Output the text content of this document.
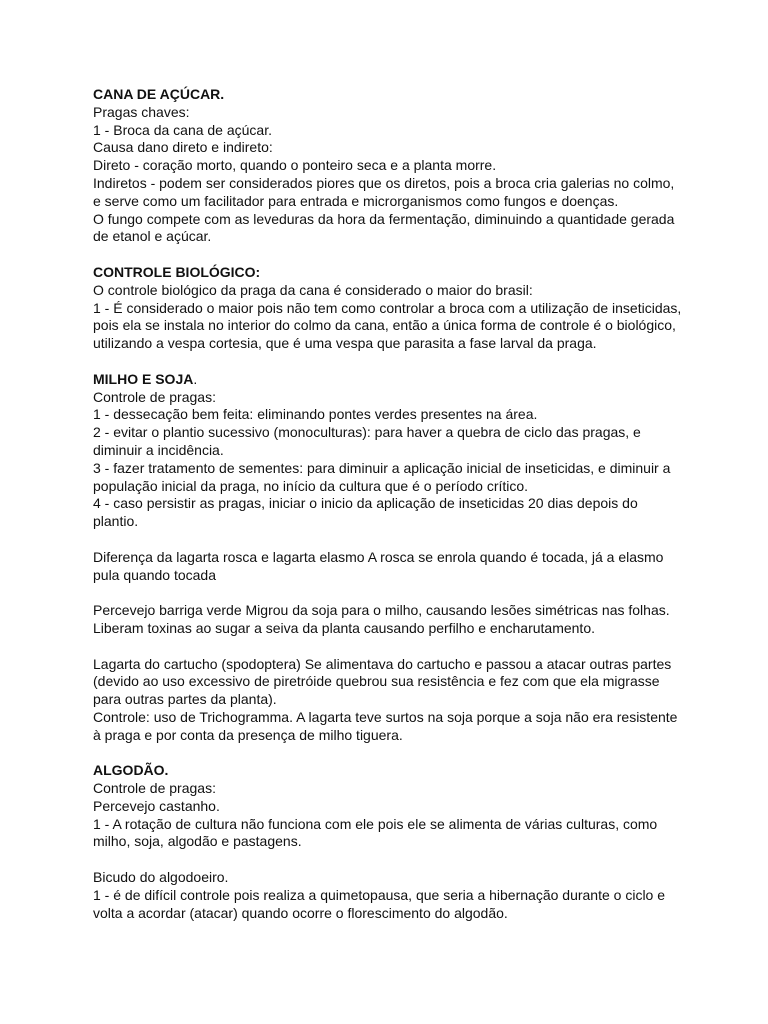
CANA DE AÇÚCAR.

Pragas chaves:

1 - Broca da cana de açúcar.

Causa dano direto e indireto:

Direto - coração morto, quando o ponteiro seca e a planta morre.

Indiretos - podem ser considerados piores que os diretos, pois a broca cria galerias no colmo, e serve como um facilitador para entrada e microrganismos como fungos e doenças.

O fungo compete com as leveduras da hora da fermentação, diminuindo a quantidade gerada de etanol e açúcar.

CONTROLE BIOLÓGICO:

O controle biológico da praga da cana é considerado o maior do brasil:

1 - É considerado o maior pois não tem como controlar a broca com a utilização de inseticidas, pois ela se instala no interior do colmo da cana, então a única forma de controle é o biológico, utilizando a vespa cortesia, que é uma vespa que parasita a fase larval da praga.

MILHO E SOJA.

Controle de pragas:

1 - dessecação bem feita: eliminando pontes verdes presentes na área.

2 - evitar o plantio sucessivo (monoculturas): para haver a quebra de ciclo das pragas, e diminuir a incidência.

3 - fazer tratamento de sementes: para diminuir a aplicação inicial de inseticidas, e diminuir a população inicial da praga, no início da cultura que é o período crítico.

4 - caso persistir as pragas, iniciar o inicio da aplicação de inseticidas 20 dias depois do plantio.

Diferença da lagarta rosca e lagarta elasmo A rosca se enrola quando é tocada, já a elasmo pula quando tocada

Percevejo barriga verde Migrou da soja para o milho, causando lesões simétricas nas folhas. Liberam toxinas ao sugar a seiva da planta causando perfilho e encharutamento.

Lagarta do cartucho (spodoptera) Se alimentava do cartucho e passou a atacar outras partes (devido ao uso excessivo de piretróide quebrou sua resistência e fez com que ela migrasse para outras partes da planta).

Controle: uso de Trichogramma. A lagarta teve surtos na soja porque a soja não era resistente à praga e por conta da presença de milho tiguera.

ALGODÃO.

Controle de pragas:

Percevejo castanho.

1 - A rotação de cultura não funciona com ele pois ele se alimenta de várias culturas, como milho, soja, algodão e pastagens.

Bicudo do algodoeiro.

1 - é de difícil controle pois realiza a quimetopausa, que seria a hibernação durante o ciclo e volta a acordar (atacar) quando ocorre o florescimento do algodão.
